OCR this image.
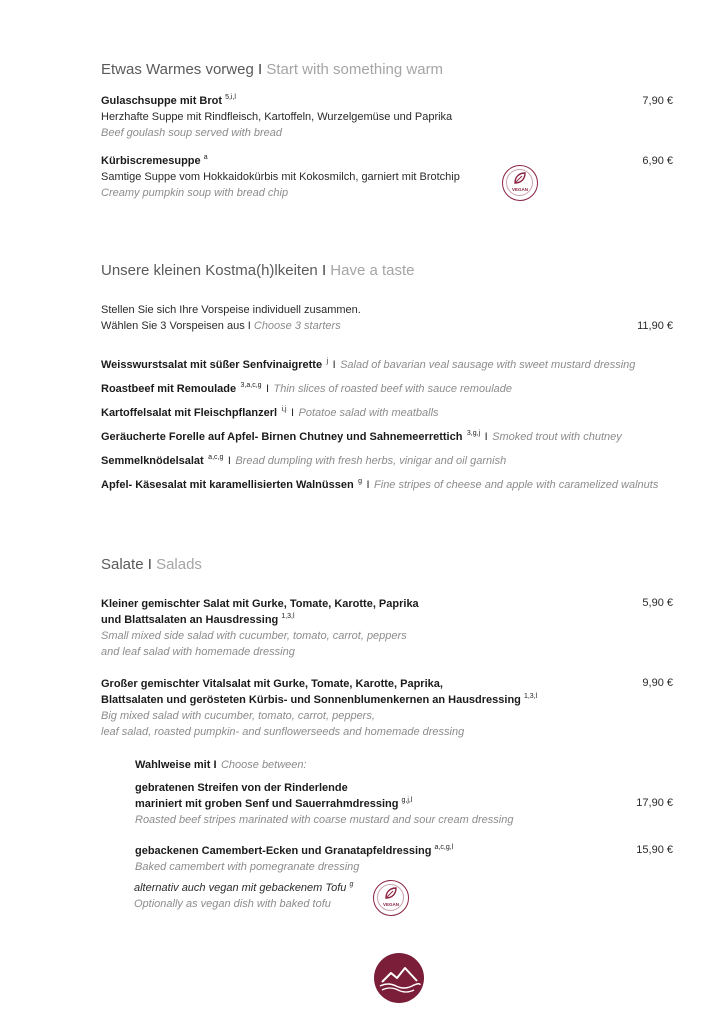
Etwas Warmes vorweg I Start with something warm
Gulaschsuppe mit Brot $^{5,i,l}$
Herzhafte Suppe mit Rindfleisch, Kartoffeln, Wurzelgemüse und Paprika
Beef goulash soup served with bread
7,90 €
Kürbiscremesuppe $^a$
Samtige Suppe vom Hokkaidokürbis mit Kokosmilch, garniert mit Brotchip
Creamy pumpkin soup with bread chip
6,90 €
VEGAN
Unsere kleinen Kostma(h)lkeiten I Have a taste
Stellen Sie sich Ihre Vorspeise individuell zusammen.
Wählen Sie 3 Vorspeisen aus I Choose 3 starters	11,90 €
Weisswurstsalat mit süßer Senfvinaigrette $^j$ I Salad of bavarian veal sausage with sweet mustard dressing
Roastbeef mit Remoulade $^{3,a,c,g}$ I Thin slices of roasted beef with sauce remoulade
Kartoffelsalat mit Fleischpflanzerl $^{i,j}$ I Potatoe salad with meatballs
Geräucherte Forelle auf Apfel- Birnen Chutney und Sahnemeerrettich $^{3,g,j}$ I Smoked trout with chutney
Semmelknödelsalat $^{a,c,g}$ I Bread dumpling with fresh herbs, vinigar and oil garnish
Apfel- Käsesalat mit karamellisierten Walnüssen $^g$ I Fine stripes of cheese and apple with caramelized walnuts
Salate I Salads
Kleiner gemischter Salat mit Gurke, Tomate, Karotte, Paprika
und Blattsalaten an Hausdressing $^{1,3,l}$
Small mixed side salad with cucumber, tomato, carrot, peppers
and leaf salad with homemade dressing
5,90 €
Großer gemischter Vitalsalat mit Gurke, Tomate, Karotte, Paprika,
Blattsalaten und gerösteten Kürbis- und Sonnenblumenkernen an Hausdressing $^{1,3,l}$
Big mixed salad with cucumber, tomato, carrot, peppers,
leaf salad, roasted pumpkin- and sunflowerseeds and homemade dressing
9,90 €
Wahlweise mit I Choose between:
gebratenen Streifen von der Rinderlende
mariniert mit groben Senf und Sauerrahmdressing $^{g,j,l}$
Roasted beef stripes marinated with coarse mustard and sour cream dressing
17,90 €
gebackenen Camembert-Ecken und Granatapfeldressing $^{a,c,g,l}$
Baked camembert with pomegranate dressing
15,90 €
alternativ auch vegan mit gebackenem Tofu $^g$
Optionally as vegan dish with baked tofu	VEGAN
